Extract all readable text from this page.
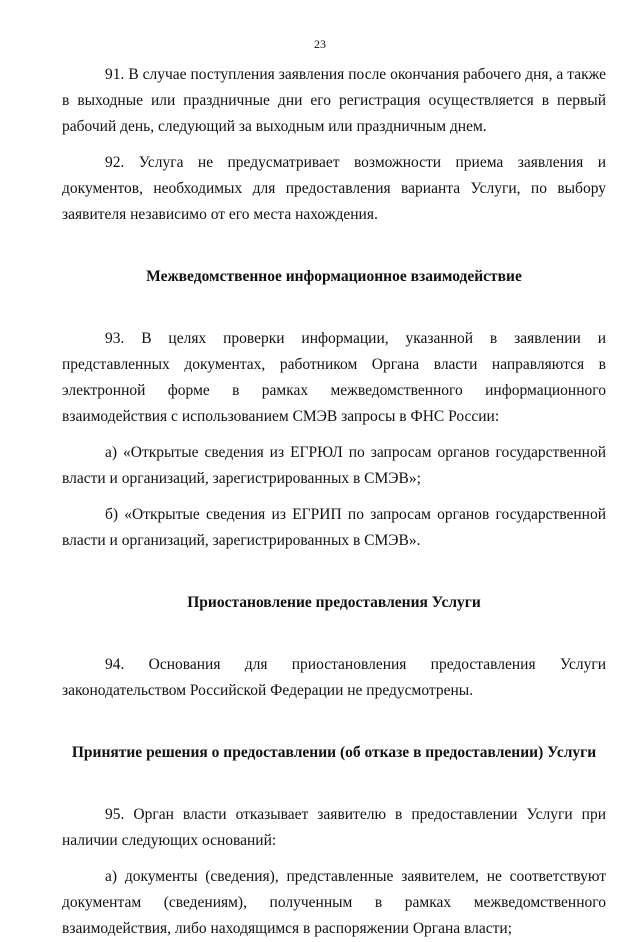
23

91. В случае поступления заявления после окончания рабочего дня, а также в выходные или праздничные дни его регистрация осуществляется в первый рабочий день, следующий за выходным или праздничным днем.

92. Услуга не предусматривает возможности приема заявления и документов, необходимых для предоставления варианта Услуги, по выбору заявителя независимо от его места нахождения.

Межведомственное информационное взаимодействие

93. В целях проверки информации, указанной в заявлении и представленных документах, работником Органа власти направляются в электронной форме в рамках межведомственного информационного взаимодействия с использованием СМЭВ запросы в ФНС России:

а) «Открытые сведения из ЕГРЮЛ по запросам органов государственной власти и организаций, зарегистрированных в СМЭВ»;

б) «Открытые сведения из ЕГРИП по запросам органов государственной власти и организаций, зарегистрированных в СМЭВ».

Приостановление предоставления Услуги

94. Основания для приостановления предоставления Услуги законодательством Российской Федерации не предусмотрены.

Принятие решения о предоставлении (об отказе в предоставлении) Услуги

95. Орган власти отказывает заявителю в предоставлении Услуги при наличии следующих оснований:

а) документы (сведения), представленные заявителем, не соответствуют документам (сведениям), полученным в рамках межведомственного взаимодействия, либо находящимся в распоряжении Органа власти;
